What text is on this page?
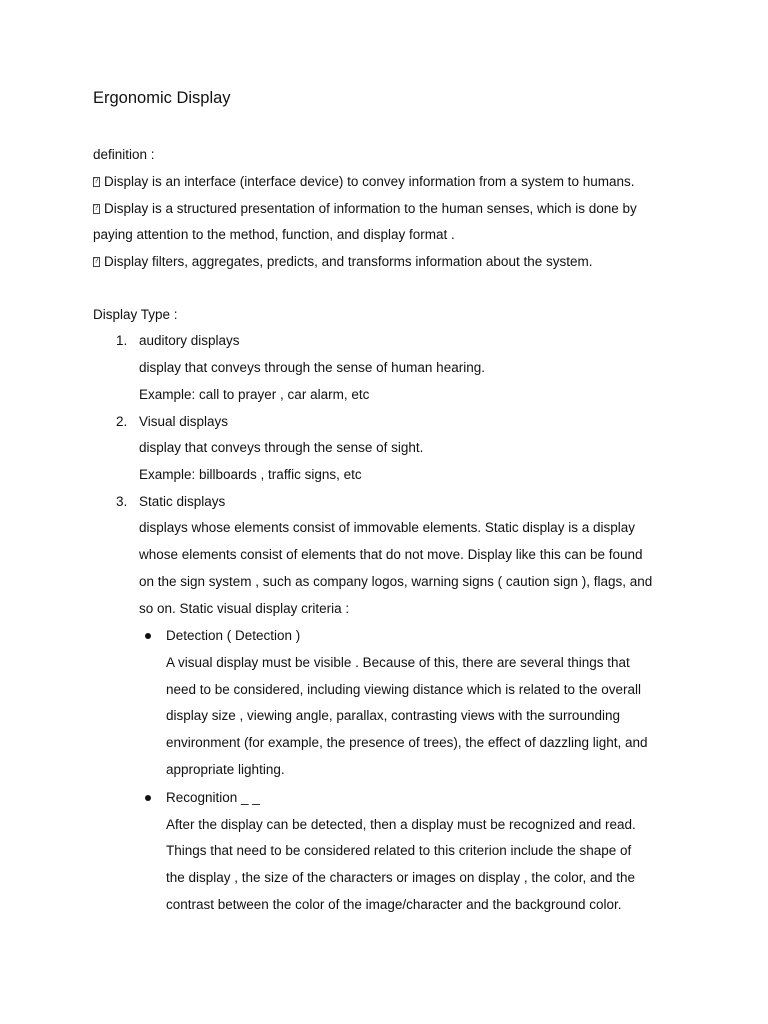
Ergonomic Display
definition :
?Display is an interface (interface device) to convey information from a system to humans.
?Display is a structured presentation of information to the human senses, which is done by
paying attention to the method, function, and display format .
?Display filters, aggregates, predicts, and transforms information about the system.
Display Type :
1. auditory displays
display that conveys through the sense of human hearing.
Example: call to prayer , car alarm, etc
2. Visual displays
display that conveys through the sense of sight.
Example: billboards , traffic signs, etc
3. Static displays
displays whose elements consist of immovable elements. Static display is a display
whose elements consist of elements that do not move. Display like this can be found
on the sign system , such as company logos, warning signs ( caution sign ), flags, and
so on. Static visual display criteria :
Detection ( Detection )
A visual display must be visible . Because of this, there are several things that
need to be considered, including viewing distance which is related to the overall
display size , viewing angle, parallax, contrasting views with the surrounding
environment (for example, the presence of trees), the effect of dazzling light, and
appropriate lighting.
Recognition _ _
After the display can be detected, then a display must be recognized and read.
Things that need to be considered related to this criterion include the shape of
the display , the size of the characters or images on display , the color, and the
contrast between the color of the image/character and the background color.
